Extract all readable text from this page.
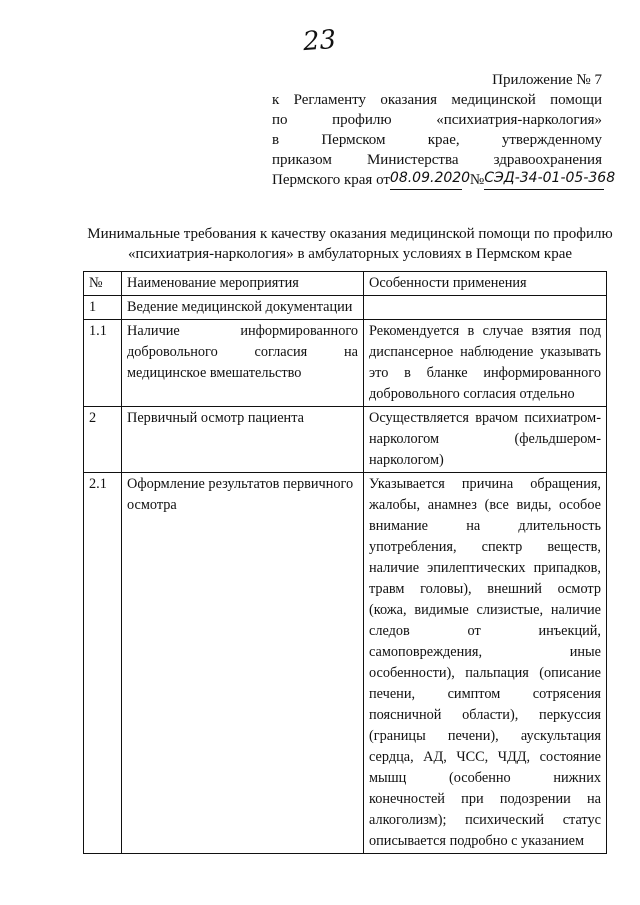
23
Приложение № 7
к Регламенту оказания медицинской помощи
по	профилю	«психиатрия-наркология»
в	Пермском	крае,	утвержденному
приказом Министерства здравоохранения
Пермского края от 08.09.2020 № СЭД-34-01-05-368
Минимальные требования к качеству оказания медицинской помощи по профилю
«психиатрия-наркология» в амбулаторных условиях в Пермском крае
№	Наименование мероприятия	Особенности применения
1	Ведение медицинской документации	
1.1	Наличие информированного добровольного согласия на медицинское вмешательство	Рекомендуется в случае взятия под диспансерное наблюдение указывать это в бланке информированного добровольного согласия отдельно
2	Первичный осмотр пациента	Осуществляется врачом психиатром-наркологом (фельдшером-наркологом)
2.1	Оформление результатов первичного осмотра	Указывается причина обращения, жалобы, анамнез (все виды, особое внимание на длительность употребления, спектр веществ, наличие эпилептических припадков, травм головы), внешний осмотр (кожа, видимые слизистые, наличие следов от инъекций, самоповреждения, иные особенности), пальпация (описание печени, симптом сотрясения поясничной области), перкуссия (границы печени), аускультация сердца, АД, ЧСС, ЧДД, состояние мышц (особенно нижних конечностей при подозрении на алкоголизм); психический статус описывается подробно с указанием
